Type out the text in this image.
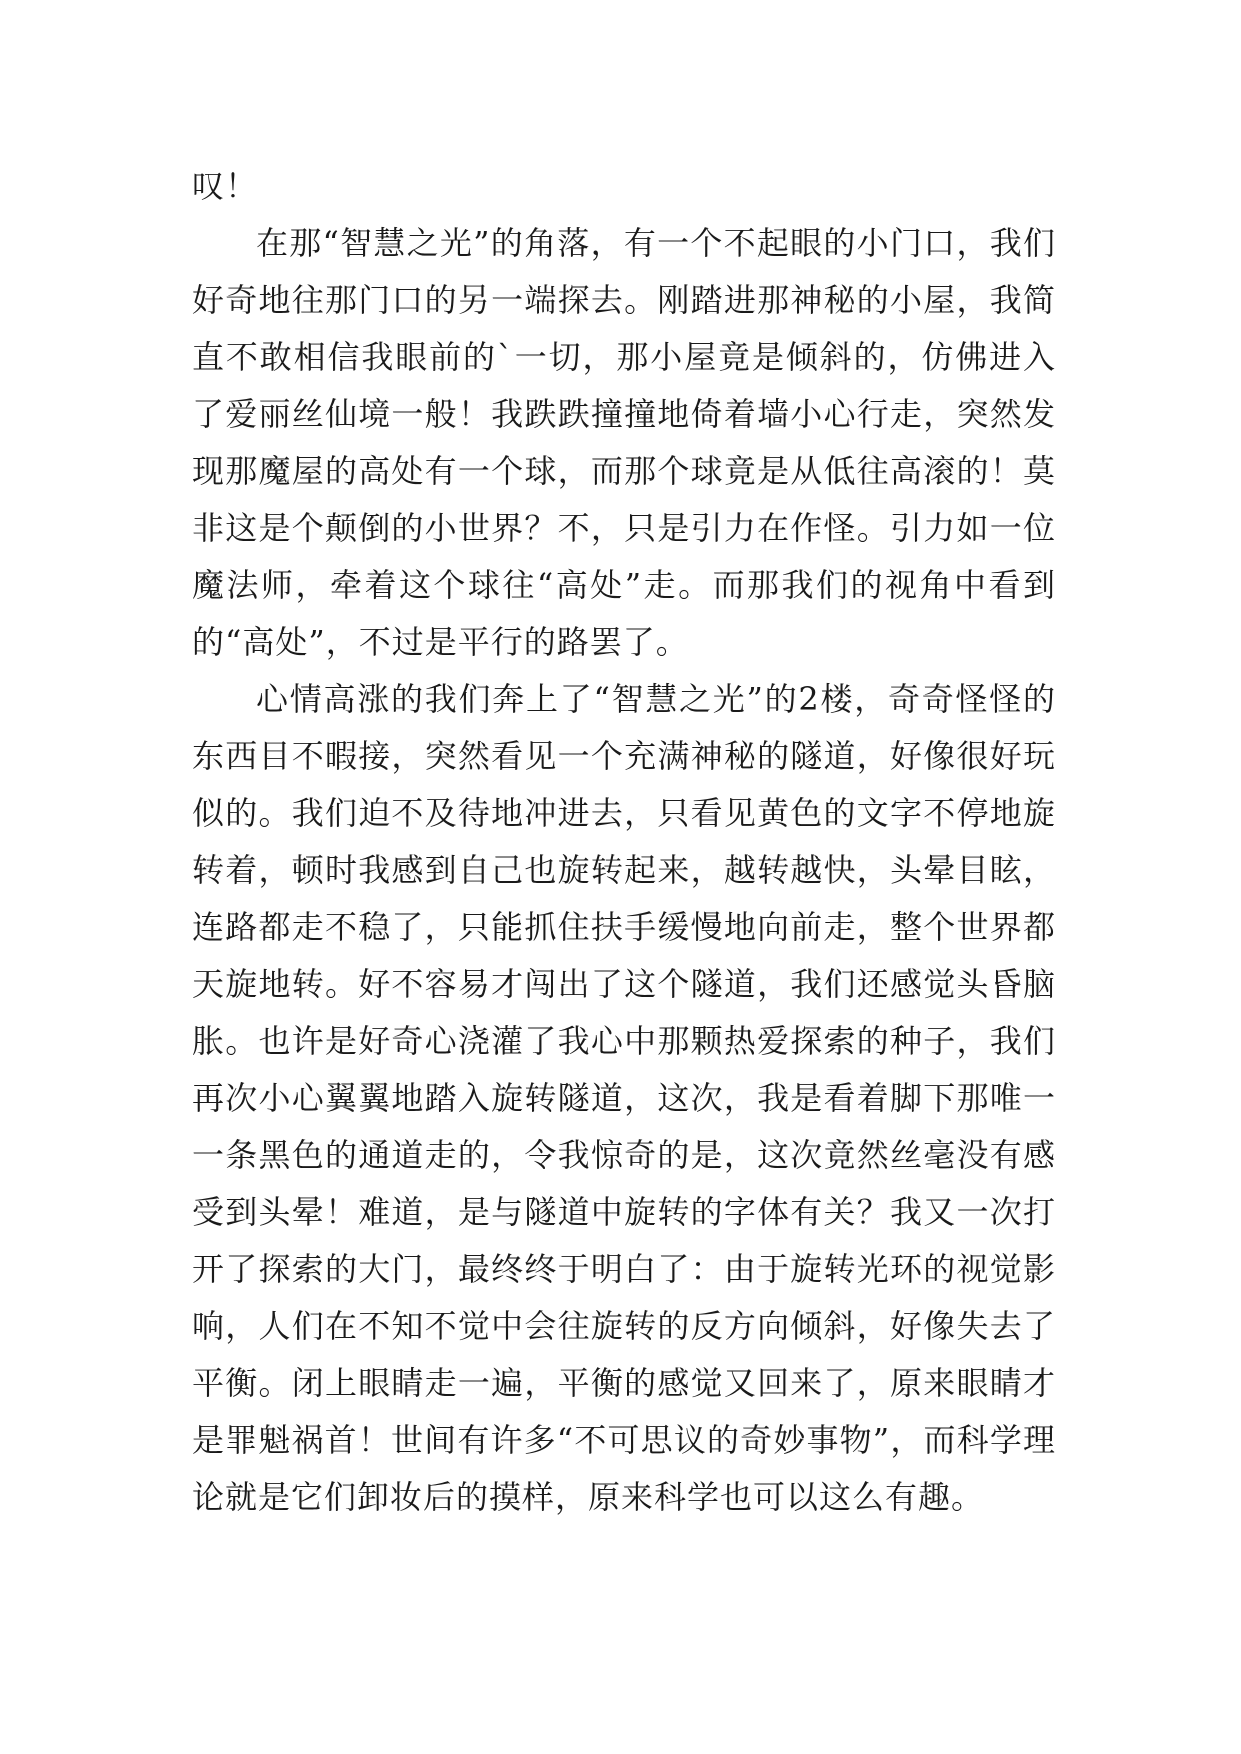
叹！

在那“智慧之光”的角落，有一个不起眼的小门口，我们好奇地往那门口的另一端探去。刚踏进那神秘的小屋，我简直不敢相信我眼前的`一切，那小屋竟是倾斜的，仿佛进入了爱丽丝仙境一般！我跌跌撞撞地倚着墙小心行走，突然发现那魔屋的高处有一个球，而那个球竟是从低往高滚的！莫非这是个颠倒的小世界？不，只是引力在作怪。引力如一位魔法师，牵着这个球往“高处”走。而那我们的视角中看到的“高处”，不过是平行的路罢了。

心情高涨的我们奔上了“智慧之光”的2楼，奇奇怪怪的东西目不暇接，突然看见一个充满神秘的隧道，好像很好玩似的。我们迫不及待地冲进去，只看见黄色的文字不停地旋转着，顿时我感到自己也旋转起来，越转越快，头晕目眩，连路都走不稳了，只能抓住扶手缓慢地向前走，整个世界都天旋地转。好不容易才闯出了这个隧道，我们还感觉头昏脑胀。也许是好奇心浇灌了我心中那颗热爱探索的种子，我们再次小心翼翼地踏入旋转隧道，这次，我是看着脚下那唯一一条黑色的通道走的，令我惊奇的是，这次竟然丝毫没有感受到头晕！难道，是与隧道中旋转的字体有关？我又一次打开了探索的大门，最终终于明白了：由于旋转光环的视觉影响，人们在不知不觉中会往旋转的反方向倾斜，好像失去了平衡。闭上眼睛走一遍，平衡的感觉又回来了，原来眼睛才是罪魁祸首！世间有许多“不可思议的奇妙事物”，而科学理论就是它们卸妆后的摸样，原来科学也可以这么有趣。
